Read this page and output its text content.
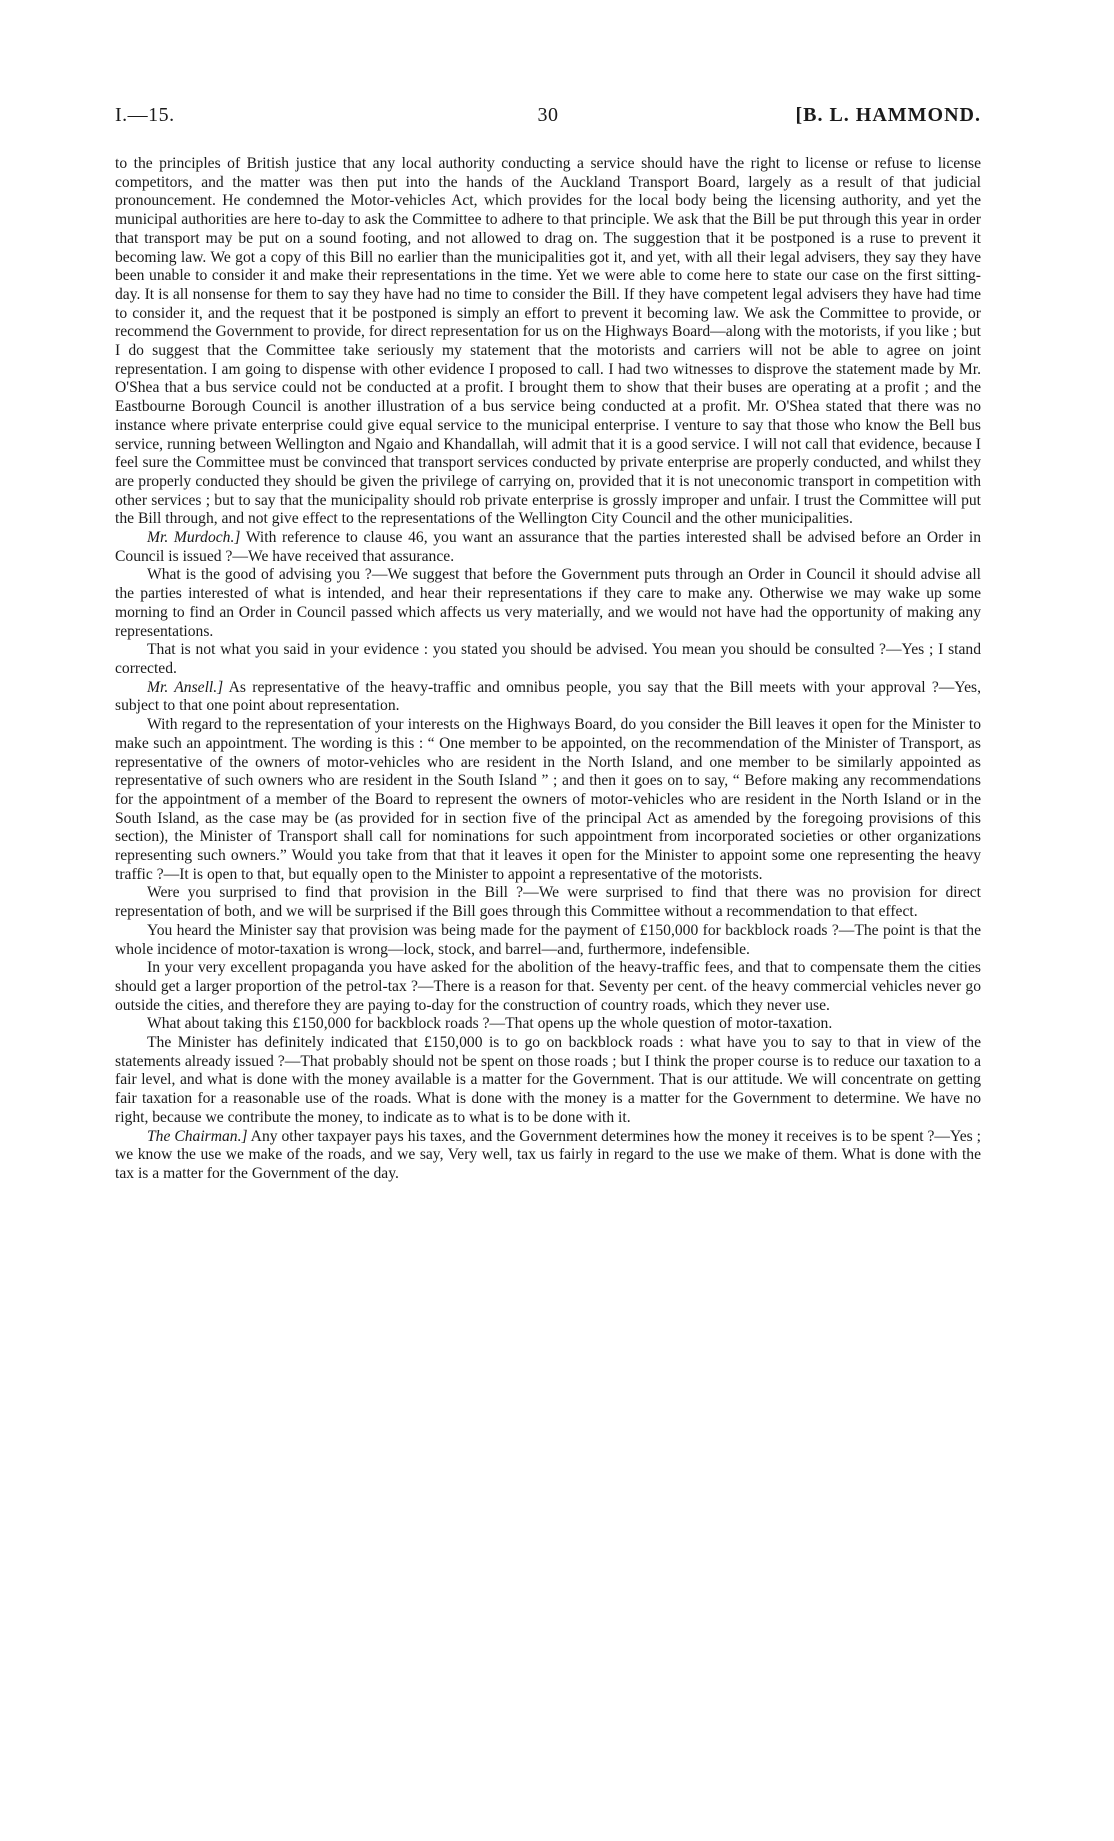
I.—15.	30	[B. L. HAMMOND.

to the principles of British justice that any local authority conducting a service should have the right to license or refuse to license competitors, and the matter was then put into the hands of the Auckland Transport Board, largely as a result of that judicial pronouncement. He condemned the Motor-vehicles Act, which provides for the local body being the licensing authority, and yet the municipal authorities are here to-day to ask the Committee to adhere to that principle. We ask that the Bill be put through this year in order that transport may be put on a sound footing, and not allowed to drag on. The suggestion that it be postponed is a ruse to prevent it becoming law. We got a copy of this Bill no earlier than the municipalities got it, and yet, with all their legal advisers, they say they have been unable to consider it and make their representations in the time. Yet we were able to come here to state our case on the first sitting-day. It is all nonsense for them to say they have had no time to consider the Bill. If they have competent legal advisers they have had time to consider it, and the request that it be postponed is simply an effort to prevent it becoming law. We ask the Committee to provide, or recommend the Government to provide, for direct representation for us on the Highways Board—along with the motorists, if you like ; but I do suggest that the Committee take seriously my statement that the motorists and carriers will not be able to agree on joint representation. I am going to dispense with other evidence I proposed to call. I had two witnesses to disprove the statement made by Mr. O'Shea that a bus service could not be conducted at a profit. I brought them to show that their buses are operating at a profit ; and the Eastbourne Borough Council is another illustration of a bus service being conducted at a profit. Mr. O'Shea stated that there was no instance where private enterprise could give equal service to the municipal enterprise. I venture to say that those who know the Bell bus service, running between Wellington and Ngaio and Khandallah, will admit that it is a good service. I will not call that evidence, because I feel sure the Committee must be convinced that transport services conducted by private enterprise are properly conducted, and whilst they are properly conducted they should be given the privilege of carrying on, provided that it is not uneconomic transport in competition with other services ; but to say that the municipality should rob private enterprise is grossly improper and unfair. I trust the Committee will put the Bill through, and not give effect to the representations of the Wellington City Council and the other municipalities.

Mr. Murdoch.] With reference to clause 46, you want an assurance that the parties interested shall be advised before an Order in Council is issued ?—We have received that assurance.

What is the good of advising you ?—We suggest that before the Government puts through an Order in Council it should advise all the parties interested of what is intended, and hear their representations if they care to make any. Otherwise we may wake up some morning to find an Order in Council passed which affects us very materially, and we would not have had the opportunity of making any representations.

That is not what you said in your evidence : you stated you should be advised. You mean you should be consulted ?—Yes ; I stand corrected.

Mr. Ansell.] As representative of the heavy-traffic and omnibus people, you say that the Bill meets with your approval ?—Yes, subject to that one point about representation.

With regard to the representation of your interests on the Highways Board, do you consider the Bill leaves it open for the Minister to make such an appointment. The wording is this : “ One member to be appointed, on the recommendation of the Minister of Transport, as representative of the owners of motor-vehicles who are resident in the North Island, and one member to be similarly appointed as representative of such owners who are resident in the South Island ” ; and then it goes on to say, “ Before making any recommendations for the appointment of a member of the Board to represent the owners of motor-vehicles who are resident in the North Island or in the South Island, as the case may be (as provided for in section five of the principal Act as amended by the foregoing provisions of this section), the Minister of Transport shall call for nominations for such appointment from incorporated societies or other organizations representing such owners.” Would you take from that that it leaves it open for the Minister to appoint some one representing the heavy traffic ?—It is open to that, but equally open to the Minister to appoint a representative of the motorists.

Were you surprised to find that provision in the Bill ?—We were surprised to find that there was no provision for direct representation of both, and we will be surprised if the Bill goes through this Committee without a recommendation to that effect.

You heard the Minister say that provision was being made for the payment of £150,000 for backblock roads ?—The point is that the whole incidence of motor-taxation is wrong—lock, stock, and barrel—and, furthermore, indefensible.

In your very excellent propaganda you have asked for the abolition of the heavy-traffic fees, and that to compensate them the cities should get a larger proportion of the petrol-tax ?—There is a reason for that. Seventy per cent. of the heavy commercial vehicles never go outside the cities, and therefore they are paying to-day for the construction of country roads, which they never use.

What about taking this £150,000 for backblock roads ?—That opens up the whole question of motor-taxation.

The Minister has definitely indicated that £150,000 is to go on backblock roads : what have you to say to that in view of the statements already issued ?—That probably should not be spent on those roads ; but I think the proper course is to reduce our taxation to a fair level, and what is done with the money available is a matter for the Government. That is our attitude. We will concentrate on getting fair taxation for a reasonable use of the roads. What is done with the money is a matter for the Government to determine. We have no right, because we contribute the money, to indicate as to what is to be done with it.

The Chairman.] Any other taxpayer pays his taxes, and the Government determines how the money it receives is to be spent ?—Yes ; we know the use we make of the roads, and we say, Very well, tax us fairly in regard to the use we make of them. What is done with the tax is a matter for the Government of the day.
